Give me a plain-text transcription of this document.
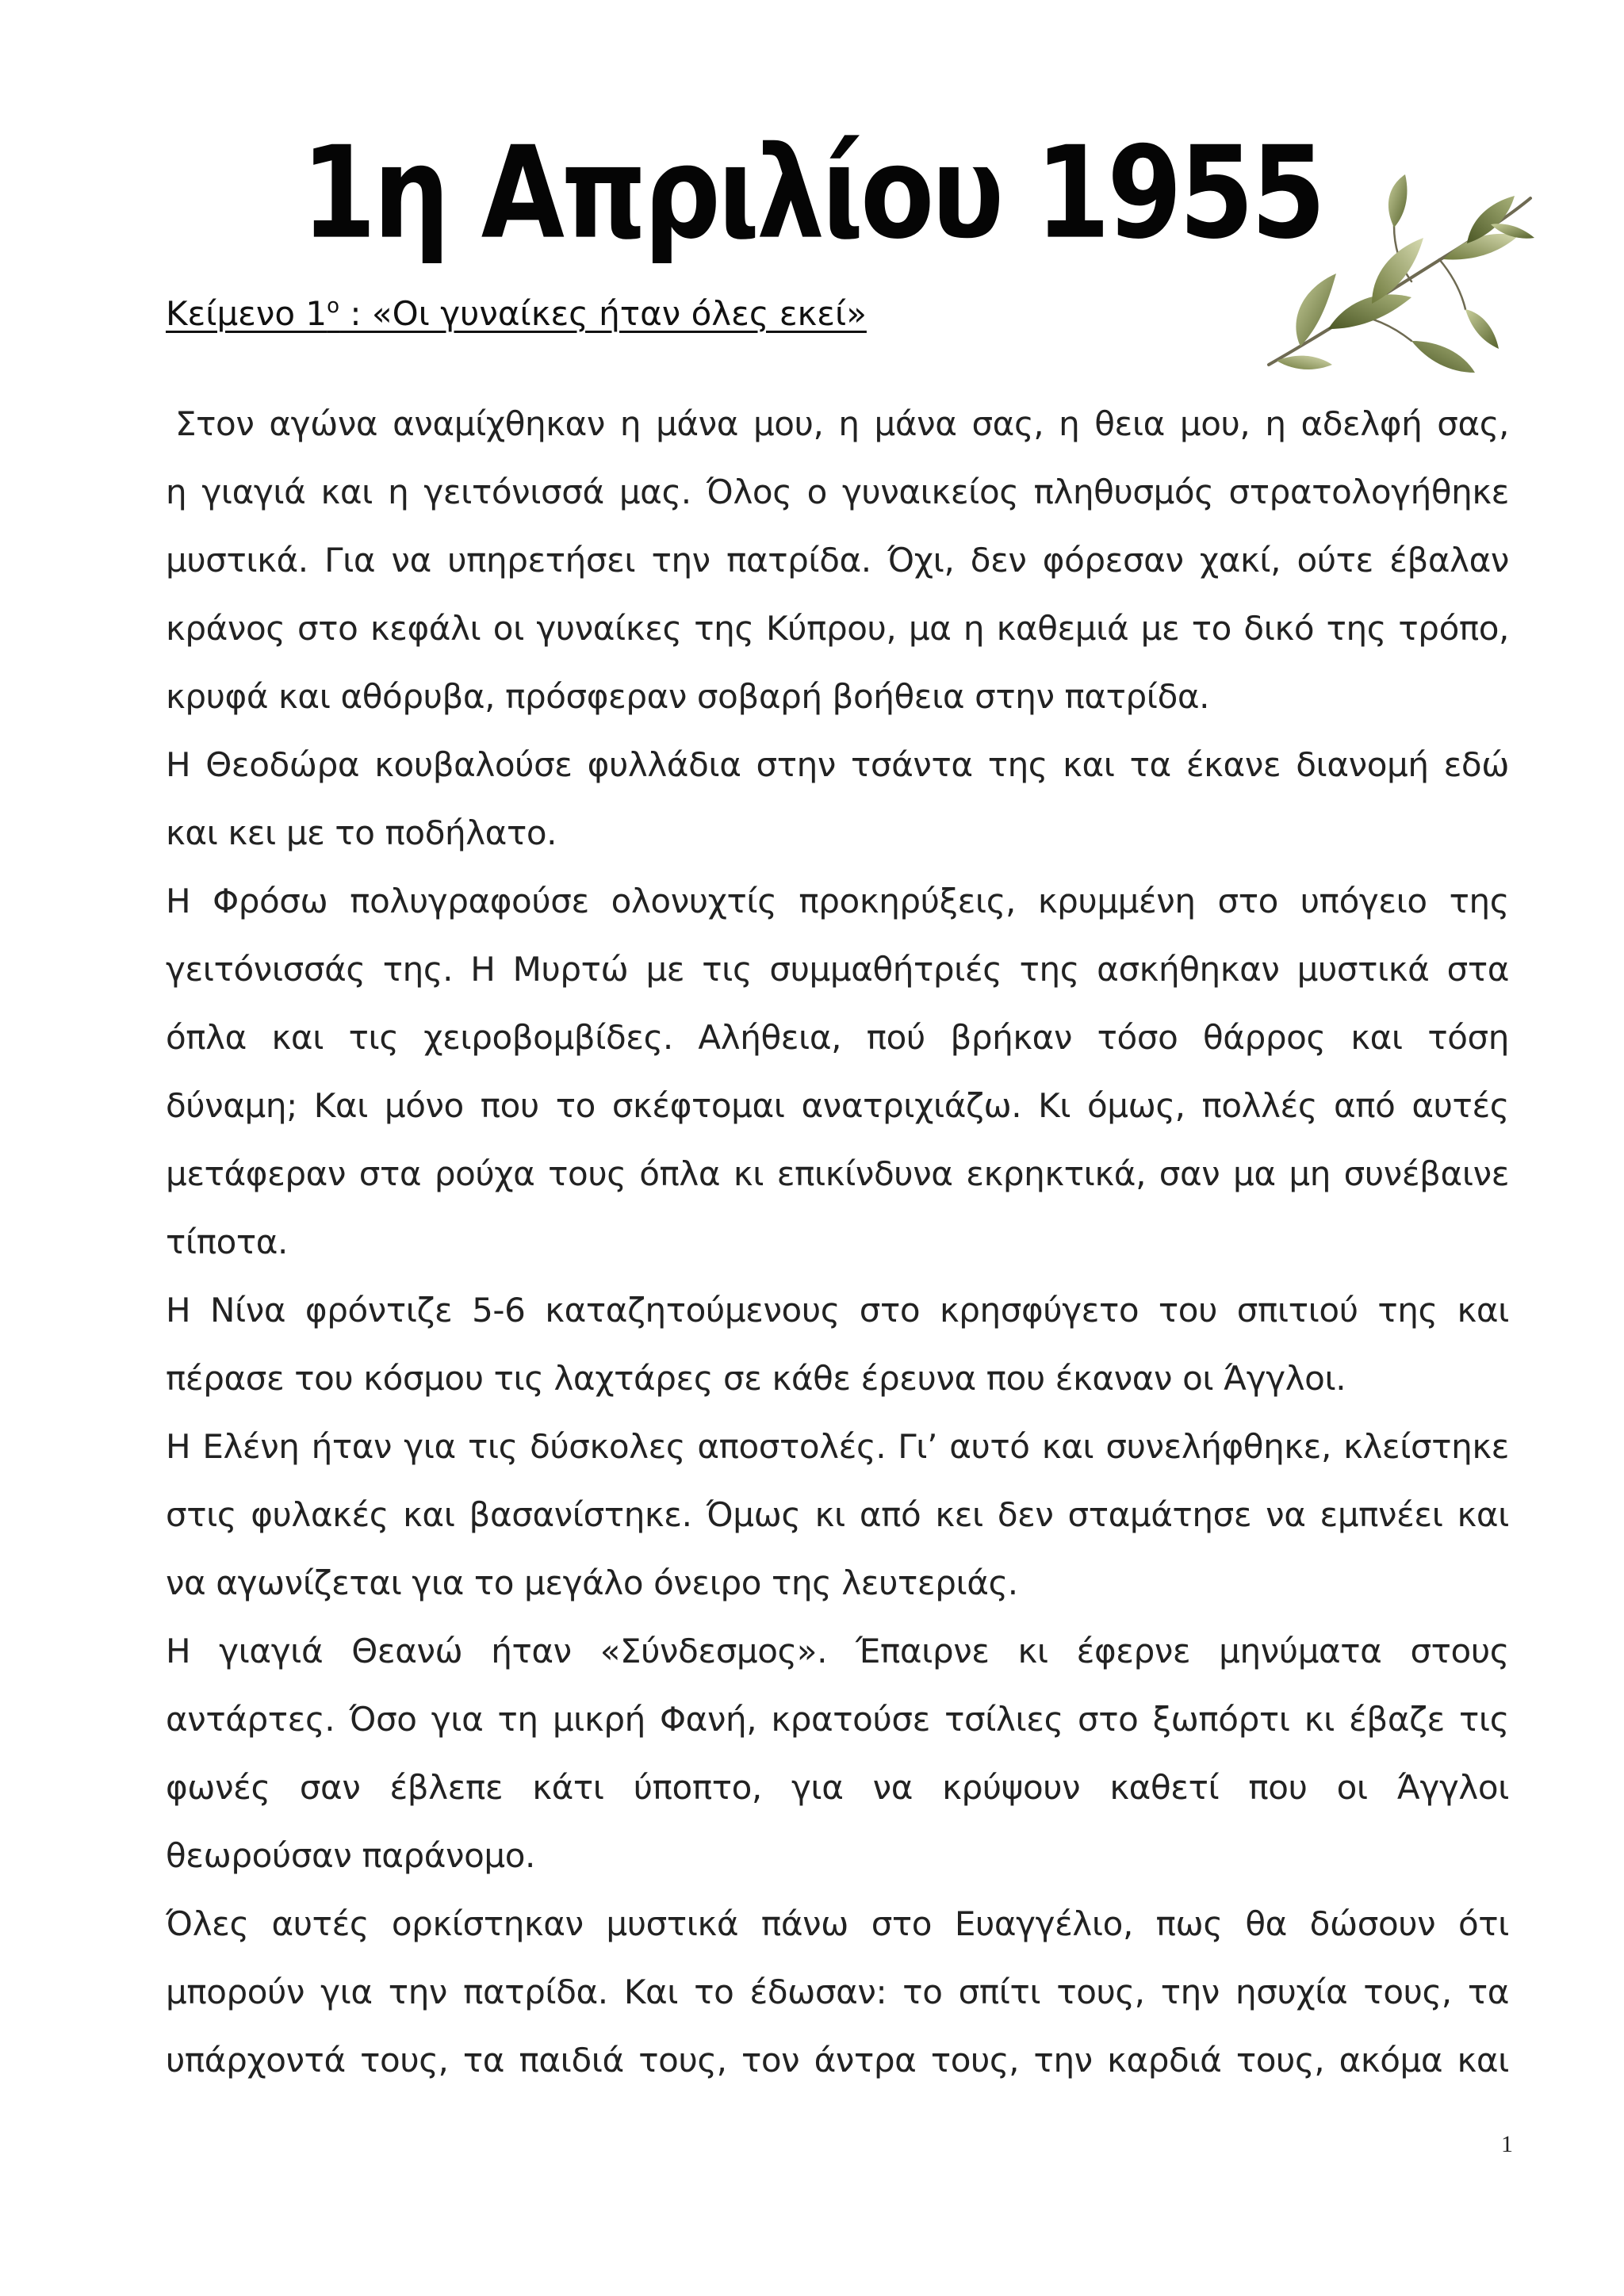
1η Απριλίου 1955
Κείμενο $1^o$ : «Οι γυναίκες ήταν όλες εκεί»
Στον αγώνα αναμίχθηκαν η μάνα μου, η μάνα σας, η θεια μου, η αδελφή σας,
η γιαγιά και η γειτόνισσά μας. Όλος ο γυναικείος πληθυσμός στρατολογήθηκε
μυστικά. Για να υπηρετήσει την πατρίδα. Όχι, δεν φόρεσαν χακί, ούτε έβαλαν
κράνος στο κεφάλι οι γυναίκες της Κύπρου, μα η καθεμιά με το δικό της τρόπο,
κρυφά και αθόρυβα, πρόσφεραν σοβαρή βοήθεια στην πατρίδα.
Η Θεοδώρα κουβαλούσε φυλλάδια στην τσάντα της και τα έκανε διανομή εδώ
και κει με το ποδήλατο.
Η Φρόσω πολυγραφούσε ολονυχτίς προκηρύξεις, κρυμμένη στο υπόγειο της
γειτόνισσάς της. Η Μυρτώ με τις συμμαθήτριές της ασκήθηκαν μυστικά στα
όπλα και τις χειροβομβίδες. Αλήθεια, πού βρήκαν τόσο θάρρος και τόση
δύναμη; Και μόνο που το σκέφτομαι ανατριχιάζω. Κι όμως, πολλές από αυτές
μετάφεραν στα ρούχα τους όπλα κι επικίνδυνα εκρηκτικά, σαν μα μη συνέβαινε
τίποτα.
Η Νίνα φρόντιζε 5-6 καταζητούμενους στο κρησφύγετο του σπιτιού της και
πέρασε του κόσμου τις λαχτάρες σε κάθε έρευνα που έκαναν οι Άγγλοι.
Η Ελένη ήταν για τις δύσκολες αποστολές. Γι’ αυτό και συνελήφθηκε, κλείστηκε
στις φυλακές και βασανίστηκε. Όμως κι από κει δεν σταμάτησε να εμπνέει και
να αγωνίζεται για το μεγάλο όνειρο της λευτεριάς.
Η γιαγιά Θεανώ ήταν «Σύνδεσμος». Έπαιρνε κι έφερνε μηνύματα στους
αντάρτες. Όσο για τη μικρή Φανή, κρατούσε τσίλιες στο ξωπόρτι κι έβαζε τις
φωνές σαν έβλεπε κάτι ύποπτο, για να κρύψουν καθετί που οι Άγγλοι
θεωρούσαν παράνομο.
Όλες αυτές ορκίστηκαν μυστικά πάνω στο Ευαγγέλιο, πως θα δώσουν ότι
μπορούν για την πατρίδα. Και το έδωσαν: το σπίτι τους, την ησυχία τους, τα
υπάρχοντά τους, τα παιδιά τους, τον άντρα τους, την καρδιά τους, ακόμα και
1
